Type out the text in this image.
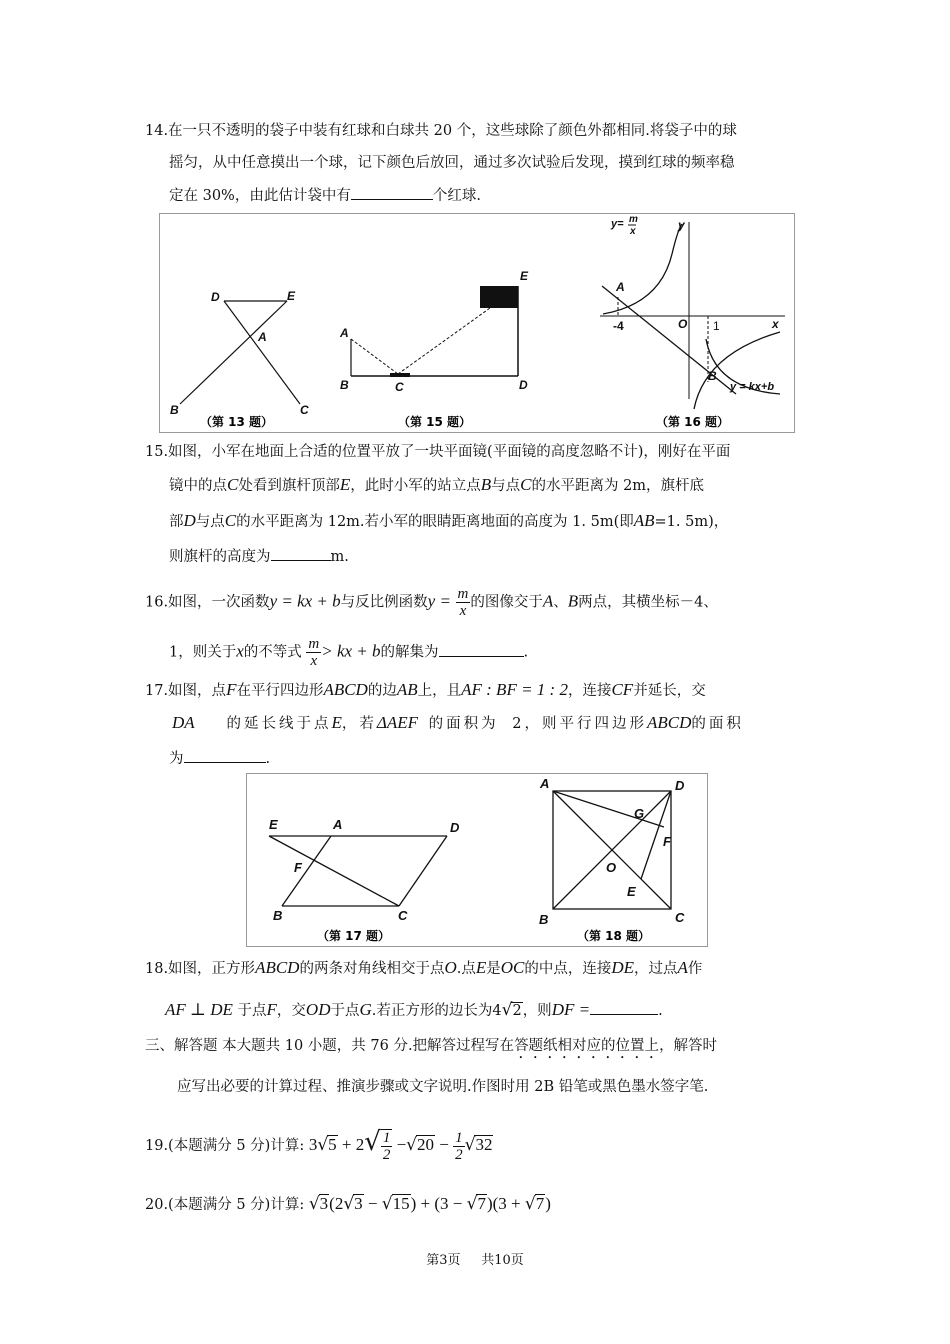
14.在一只不透明的袋子中装有红球和白球共 20 个，这些球除了颜色外都相同.将袋子中的球
摇匀，从中任意摸出一个球，记下颜色后放回，通过多次试验后发现，摸到红球的频率稳
定在 30%，由此估计袋中有	个红球.
D	E
A
B	C
（第 13 题）
A
B	C	D
E
（第 15 题）
y= m
x	y
A
B
O	x
-4	1
y = kx+b
（第 16 题）
15.如图，小军在地面上合适的位置平放了一块平面镜(平面镜的高度忽略不计)，刚好在平面
镜中的点C处看到旗杆顶部E，此时小军的站立点B与点C的水平距离为 2m，旗杆底
部D与点C的水平距离为 12m.若小军的眼睛距离地面的高度为 1. 5m(即AB=1. 5m)，
则旗杆的高度为	m.
16.如图，一次函数y = kx + b与反比例函数$y = \frac{m}{x}$ 的图像交于A、B两点，其横坐标－4、
1，则关于x的不等式 $\frac{m}{x}$ > kx + b的解集为	.
17.如图，点F在平行四边形ABCD的边AB上，且AF : BF = 1 : 2，连接CF并延长，交
DA 的延长线于点E，若ΔAEF 的面积为 2，则平行四边形ABCD的面积
为	.
E	A	D
F
B	C
（第 17 题）
A	D
G
F
O
E
B	C
（第 18 题）
18.如图，正方形ABCD的两条对角线相交于点O.点E是OC的中点，连接DE，过点A作
AF ⊥ DE 于点F，交OD于点G.若正方形的边长为4√2，则DF =	.
三、解答题 本大题共 10 小题，共 76 分.把解答过程写在答题纸相对应的位置上，解答时
应写出必要的计算过程、推演步骤或文字说明.作图时用 2B 铅笔或黑色墨水签字笔.
19.(本题满分 5 分)计算: $3√5 + 2√ \frac{1}{2} -√20 - \frac{1}{2} √32$
20.(本题满分 5 分)计算: √3(2√3 − √15) + (3 − √7)(3 + √7)
第3页 共10页
